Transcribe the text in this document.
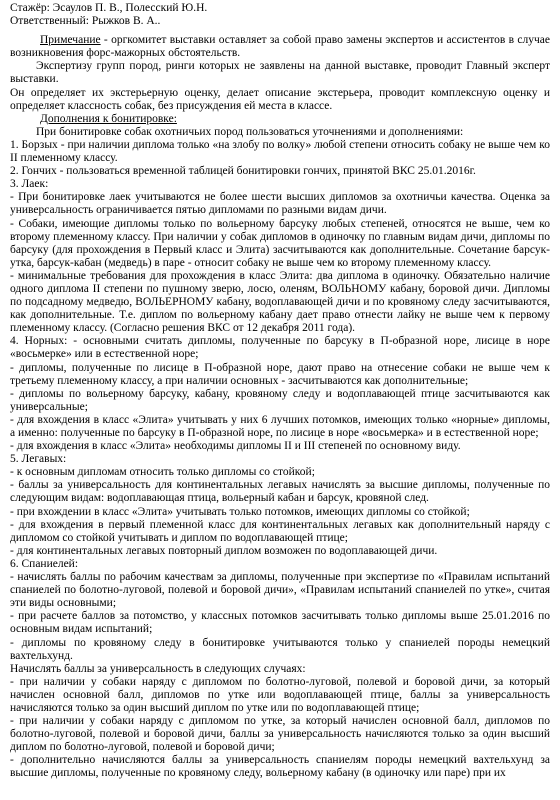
Стажёр: Эсаулов П. В., Полесский Ю.Н.

Ответственный: Рыжков В. А..

Примечание - оргкомитет выставки оставляет за собой право замены экспертов и ассистентов в случае возникновения форс-мажорных обстоятельств.

Экспертизу групп пород, ринги которых не заявлены на данной выставке, проводит Главный эксперт выставки.

Он определяет их экстерьерную оценку, делает описание экстерьера, проводит комплексную оценку и определяет классность собак, без присуждения ей места в классе.

Дополнения к бонитировке:

При бонитировке собак охотничьих пород пользоваться уточнениями и дополнениями:

1. Борзых - при наличии диплома только «на злобу по волку» любой степени относить собаку не выше чем ко II племенному классу.

2. Гончих - пользоваться временной таблицей бонитировки гончих, принятой ВКС 25.01.2016г.

3. Лаек:

- При бонитировке лаек учитываются не более шести высших дипломов за охотничьи качества. Оценка за универсальность ограничивается пятью дипломами по разными видам дичи.

- Собаки, имеющие дипломы только по вольерному барсуку любых степеней, относятся не выше, чем ко второму племенному классу. При наличии у собак дипломов в одиночку по главным видам дичи, дипломы по барсуку (для прохождения в Первый класс и Элита) засчитываются как дополнительные. Сочетание барсук-утка, барсук-кабан (медведь) в паре - относит собаку не выше чем ко второму племенному классу.

- минимальные требования для прохождения в класс Элита: два диплома в одиночку. Обязательно наличие одного диплома II степени по пушному зверю, лосю, оленям, ВОЛЬНОМУ кабану, боровой дичи. Дипломы по подсадному медведю, ВОЛЬЕРНОМУ кабану, водоплавающей дичи и по кровяному следу засчитываются, как дополнительные. Т.е. диплом по вольерному кабану дает право отнести лайку не выше чем к первому племенному классу. (Согласно решения ВКС от 12 декабря 2011 года).

4. Норных: - основными считать дипломы, полученные по барсуку в П-образной норе, лисице в норе «восьмерке» или в естественной норе;

- дипломы, полученные по лисице в П-образной норе, дают право на отнесение собаки не выше чем к третьему племенному классу, а при наличии основных - засчитываются как дополнительные;

- дипломы по вольерному барсуку, кабану, кровяному следу и водоплавающей птице засчитываются как универсальные;

- для вхождения в класс «Элита» учитывать у них 6 лучших потомков, имеющих только «норные» дипломы, а именно: полученные по барсуку в П-образной норе, по лисице в норе «восьмерка» и в естественной норе;

- для вхождения в класс «Элита» необходимы дипломы II и III степеней по основному виду.

5. Легавых:

- к основным дипломам относить только дипломы со стойкой;

- баллы за универсальность для континентальных легавых начислять за высшие дипломы, полученные по следующим видам: водоплавающая птица, вольерный кабан и барсук, кровяной след.

- при вхождении в класс «Элита» учитывать только потомков, имеющих дипломы со стойкой;

- для вхождения в первый племенной класс для континентальных легавых как дополнительный наряду с дипломом со стойкой учитывать и диплом по водоплавающей птице;

- для континентальных легавых повторный диплом возможен по водоплавающей дичи.

6. Спаниелей:

- начислять баллы по рабочим качествам за дипломы, полученные при экспертизе по «Правилам испытаний спаниелей по болотно-луговой, полевой и боровой дичи», «Правилам испытаний спаниелей по утке», считая эти виды основными;

- при расчете баллов за потомство, у классных потомков засчитывать только дипломы выше 25.01.2016 по основным видам испытаний;

- дипломы по кровяному следу в бонитировке учитываются только у спаниелей породы немецкий вахтельхунд.

Начислять баллы за универсальность в следующих случаях:

- при наличии у собаки наряду с дипломом по болотно-луговой, полевой и боровой дичи, за который начислен основной балл, дипломов по утке или водоплавающей птице, баллы за универсальность начисляются только за один высший диплом по утке или по водоплавающей птице;

- при наличии у собаки наряду с дипломом по утке, за который начислен основной балл, дипломов по болотно-луговой, полевой и боровой дичи, баллы за универсальность начисляются только за один высший диплом по болотно-луговой, полевой и боровой дичи;

- дополнительно начисляются баллы за универсальность спаниелям породы немецкий вахтельхунд за высшие дипломы, полученные по кровяному следу, вольерному кабану (в одиночку или паре) при их
